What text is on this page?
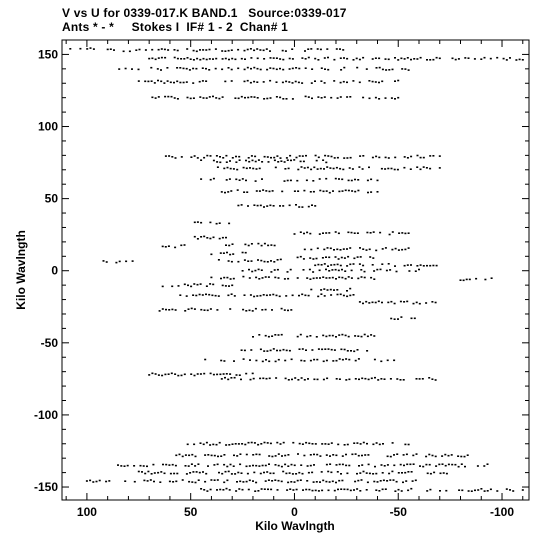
V vs U for 0339-017.K BAND.1   Source:0339-017
Ants * - *     Stokes I  IF# 1 - 2  Chan# 1
100	50	0	-50	-100
150
100
50
0
-50
-100
-150
Kilo Wavlngth
Kilo Wavlngth
